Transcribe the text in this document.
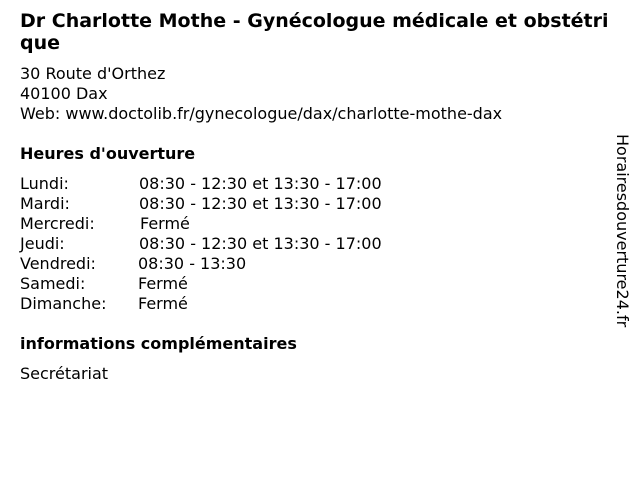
Dr Charlotte Mothe - Gynécologue médicale et obstétrique
30 Route d'Orthez
40100 Dax
Web: www.doctolib.fr/gynecologue/dax/charlotte-mothe-dax
Heures d'ouverture
Lundi:	08:30 - 12:30 et 13:30 - 17:00
Mardi:	08:30 - 12:30 et 13:30 - 17:00
Mercredi:	Fermé
Jeudi:	08:30 - 12:30 et 13:30 - 17:00
Vendredi:	08:30 - 13:30
Samedi:	Fermé
Dimanche: Fermé
informations complémentaires
Secrétariat
Horairesdouverture24.fr
